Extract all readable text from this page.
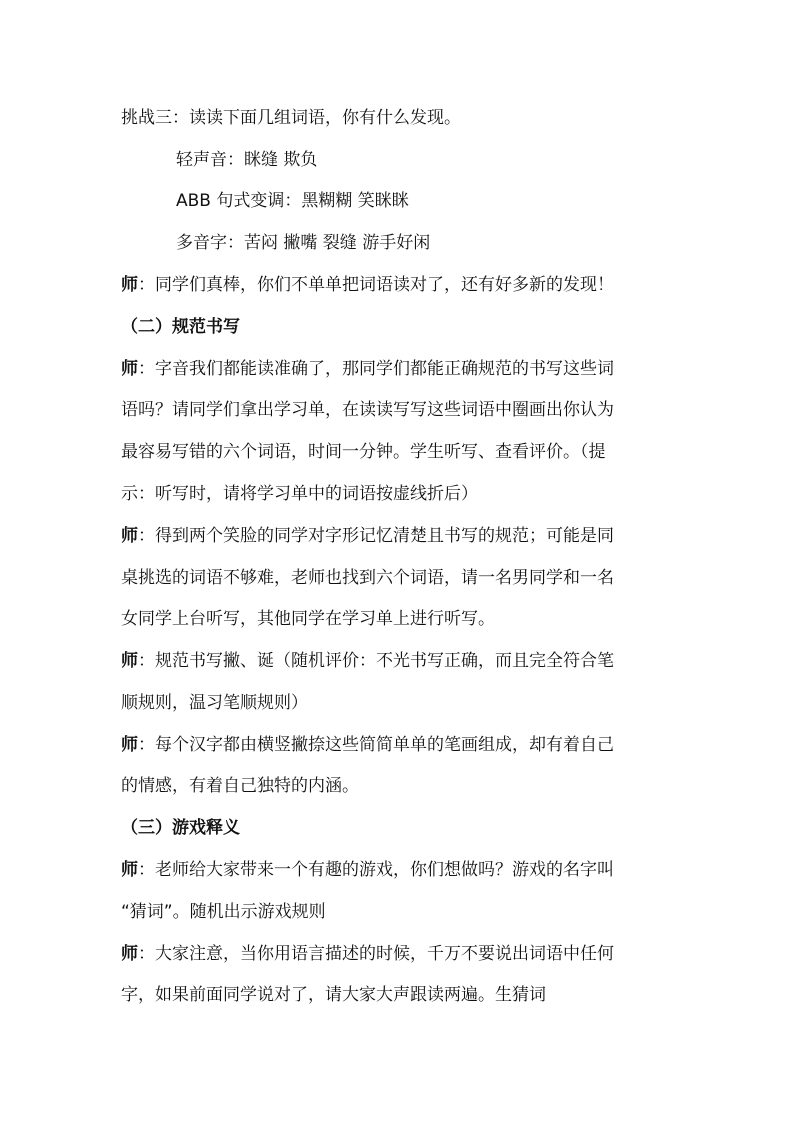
挑战三：读读下面几组词语，你有什么发现。
轻声音：眯缝 欺负
ABB 句式变调：黑糊糊 笑眯眯
多音字：苦闷 撇嘴 裂缝 游手好闲
师：同学们真棒，你们不单单把词语读对了，还有好多新的发现！
（二）规范书写
师：字音我们都能读准确了，那同学们都能正确规范的书写这些词
语吗？请同学们拿出学习单，在读读写写这些词语中圈画出你认为
最容易写错的六个词语，时间一分钟。学生听写、查看评价。（提
示：听写时，请将学习单中的词语按虚线折后）
师：得到两个笑脸的同学对字形记忆清楚且书写的规范；可能是同
桌挑选的词语不够难，老师也找到六个词语，请一名男同学和一名
女同学上台听写，其他同学在学习单上进行听写。
师：规范书写撇、诞（随机评价：不光书写正确，而且完全符合笔
顺规则，温习笔顺规则）
师：每个汉字都由横竖撇捺这些简简单单的笔画组成，却有着自己
的情感，有着自己独特的内涵。
（三）游戏释义
师：老师给大家带来一个有趣的游戏，你们想做吗？游戏的名字叫
“猜词”。随机出示游戏规则
师：大家注意，当你用语言描述的时候，千万不要说出词语中任何
字，如果前面同学说对了，请大家大声跟读两遍。生猜词
